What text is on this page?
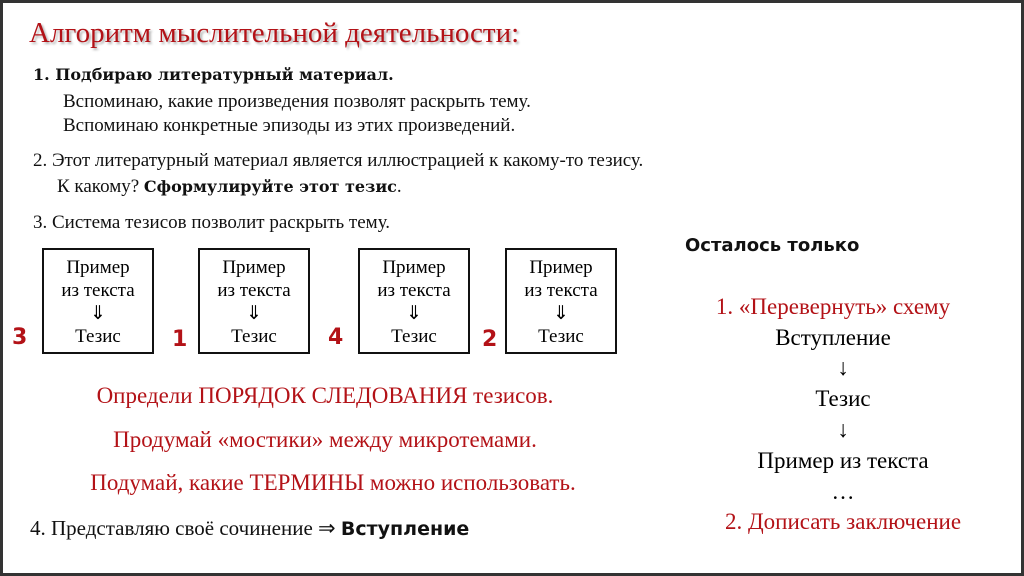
Алгоритм мыслительной деятельности:
1. Подбираю литературный материал.
Вспоминаю, какие произведения позволят раскрыть тему.
Вспоминаю конкретные эпизоды из этих произведений.
2. Этот литературный материал является иллюстрацией к какому-то тезису.
К какому? Сформулируйте этот тезис.
3. Система тезисов позволит раскрыть тему.
3
Пример
из текста
⇓
Тезис	1
Пример
из текста
⇓
Тезис	4
Пример
из текста
⇓
Тезис	2
Пример
из текста
⇓
Тезис
Определи ПОРЯДОК СЛЕДОВАНИЯ тезисов.
Продумай «мостики» между микротемами.
Подумай, какие ТЕРМИНЫ можно использовать.
4. Представляю своё сочинение ⇒ Вступление
Осталось только
1. «Перевернуть» схему
Вступление
↓
Тезис
↓
Пример из текста
…
2. Дописать заключение
